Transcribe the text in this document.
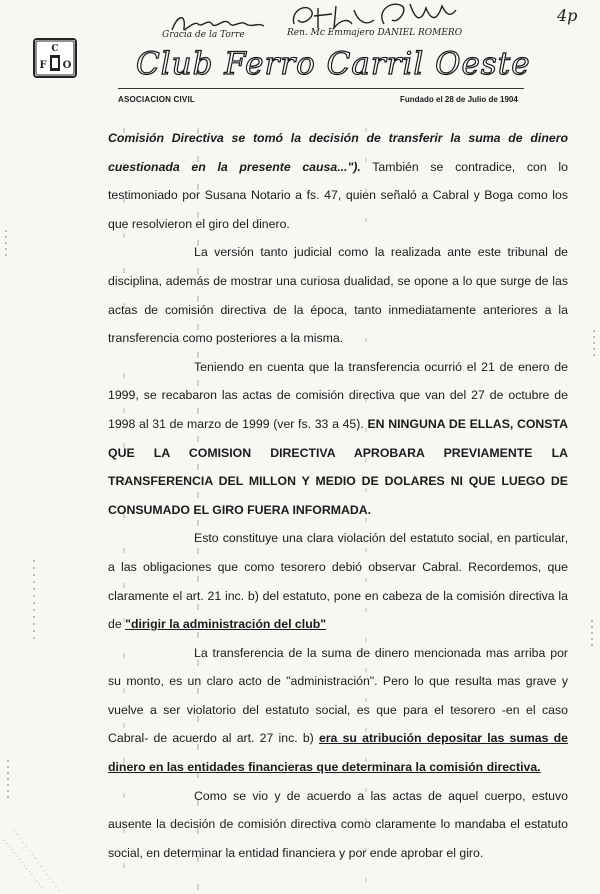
Gracia de la Torre	Ren. Mc Emmajero DANIEL ROMERO
4p
C
F O Club Ferro Carril Oeste
ASOCIACION CIVIL	Fundado el 28 de Julio de 1904
Comisión Directiva se tomó la decisión de transferir la suma de dinero
cuestionada en la presente causa..."). También se contradice, con lo
testimoniado por Susana Notario a fs. 47, quien señaló a Cabral y Boga como los
que resolvieron el giro del dinero.
La versión tanto judicial como la realizada ante este tribunal de
disciplina, además de mostrar una curiosa dualidad, se opone a lo que surge de las
actas de comisión directiva de la época, tanto inmediatamente anteriores a la
transferencia como posteriores a la misma.
Teniendo en cuenta que la transferencia ocurrió el 21 de enero de
1999, se recabaron las actas de comisión directiva que van del 27 de octubre de
1998 al 31 de marzo de 1999 (ver fs. 33 a 45). EN NINGUNA DE ELLAS, CONSTA
QUE LA COMISION DIRECTIVA APROBARA PREVIAMENTE LA
TRANSFERENCIA DEL MILLON Y MEDIO DE DOLARES NI QUE LUEGO DE
CONSUMADO EL GIRO FUERA INFORMADA.
Esto constituye una clara violación del estatuto social, en particular,
a las obligaciones que como tesorero debió observar Cabral. Recordemos, que
claramente el art. 21 inc. b) del estatuto, pone en cabeza de la comisión directiva la
de "dirigir la administración del club"
La transferencia de la suma de dinero mencionada mas arriba por
su monto, es un claro acto de "administración". Pero lo que resulta mas grave y
vuelve a ser violatorio del estatuto social, es que para el tesorero -en el caso
Cabral- de acuerdo al art. 27 inc. b) era su atribución depositar las sumas de
dinero en las entidades financieras que determinara la comisión directiva.
Como se vio y de acuerdo a las actas de aquel cuerpo, estuvo
ausente la decisión de comisión directiva como claramente lo mandaba el estatuto
social, en determinar la entidad financiera y por ende aprobar el giro.
